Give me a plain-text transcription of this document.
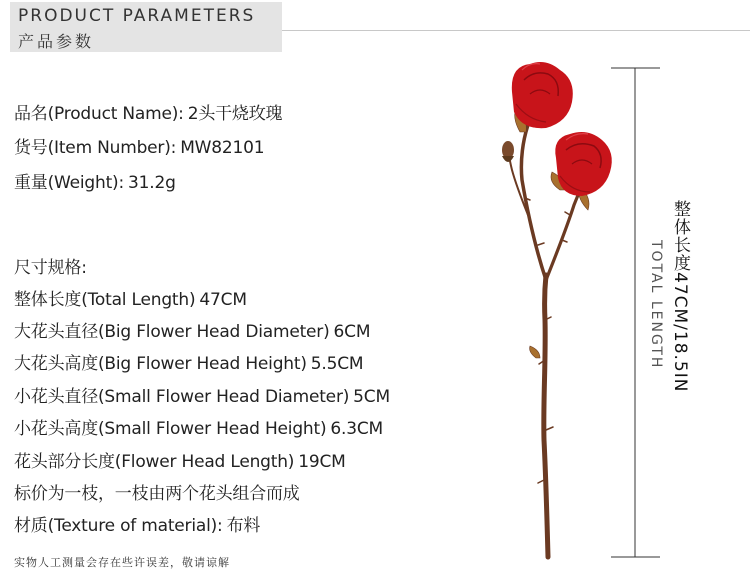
PRODUCT PARAMETERS
产品参数
品名(Product Name): 2头干烧玫瑰
货号(Item Number): MW82101
重量(Weight): 31.2g
尺寸规格:
整体长度(Total Length) 47CM
大花头直径(Big Flower Head Diameter) 6CM
大花头高度(Big Flower Head Height) 5.5CM
小花头直径(Small Flower Head Diameter) 5CM
小花头高度(Small Flower Head Height) 6.3CM
花头部分长度(Flower Head Length) 19CM
标价为一枝，一枝由两个花头组合而成
材质(Texture of material): 布料
实物人工测量会存在些许误差，敬请谅解
整体长度47CM/18.5IN
TOTAL LENGTH
